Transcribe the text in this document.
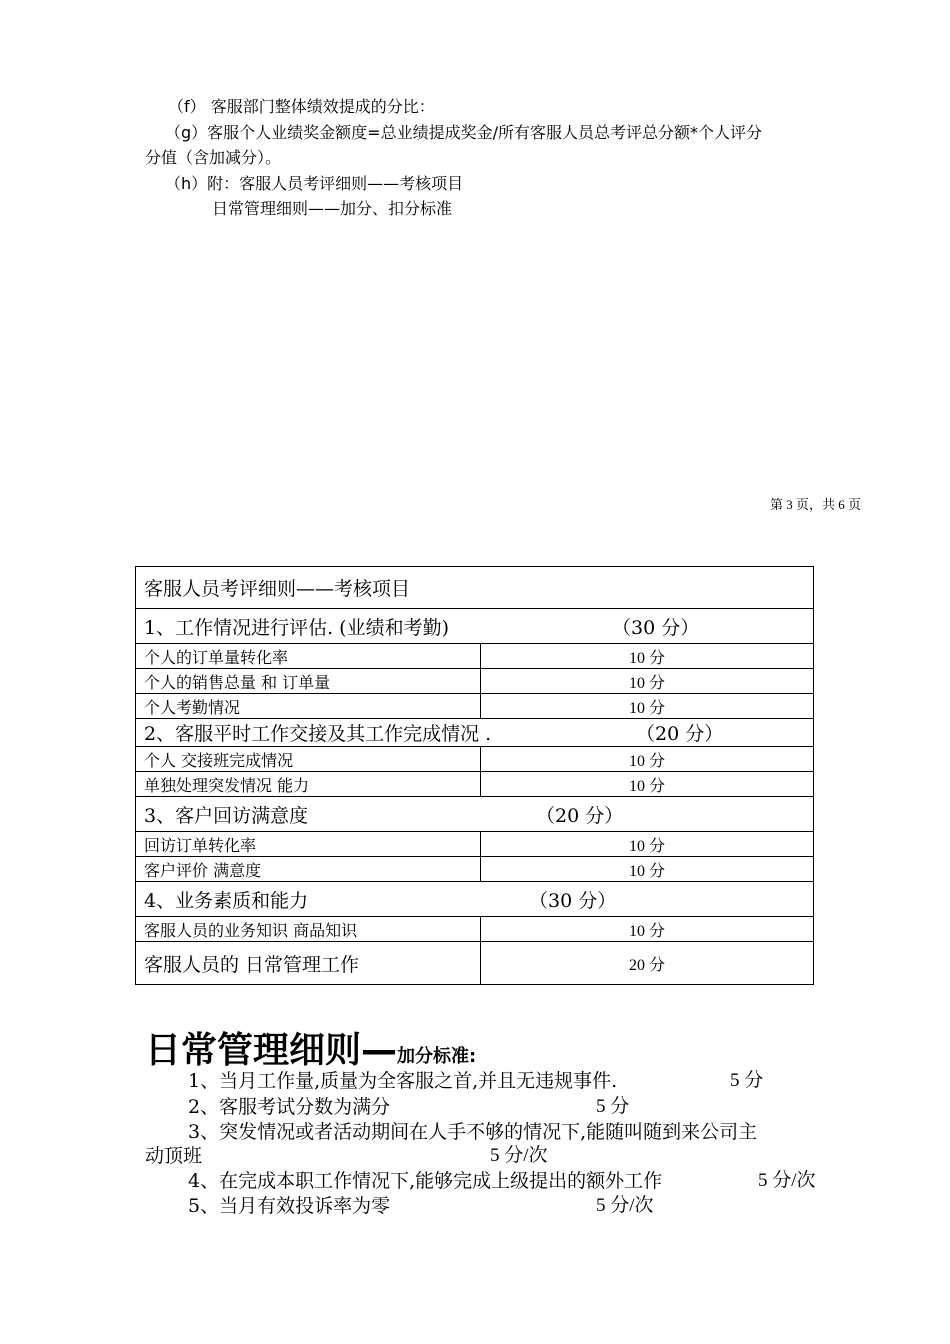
（f） 客服部门整体绩效提成的分比：
（g）客服个人业绩奖金额度=总业绩提成奖金/所有客服人员总考评总分额*个人评分
分值（含加减分）。
（h）附：客服人员考评细则——考核项目
日常管理细则——加分、扣分标准
第 3 页，共 6 页
客服人员考评细则——考核项目	

1、工作情况进行评估. (业绩和考勤) （30 分）	

个人的订单量转化率	10 分
个人的销售总量 和 订单量	10 分
个人考勤情况	10 分

2、客服平时工作交接及其工作完成情况 . （20 分）	

个人 交接班完成情况	10 分
单独处理突发情况 能力	10 分

3、客户回访满意度 （20 分）	

回访订单转化率	10 分
客户评价 满意度	10 分

4、业务素质和能力 （30 分）	

客服人员的业务知识 商品知识	10 分
客服人员的 日常管理工作	20 分
日常管理细则—加分标准:
1、当月工作量,质量为全客服之首,并且无违规事件.	5 分
2、客服考试分数为满分	5 分
3、突发情况或者活动期间在人手不够的情况下,能随叫随到来公司主
动顶班	5 分/次
4、在完成本职工作情况下,能够完成上级提出的额外工作	5 分/次
5、当月有效投诉率为零	5 分/次
